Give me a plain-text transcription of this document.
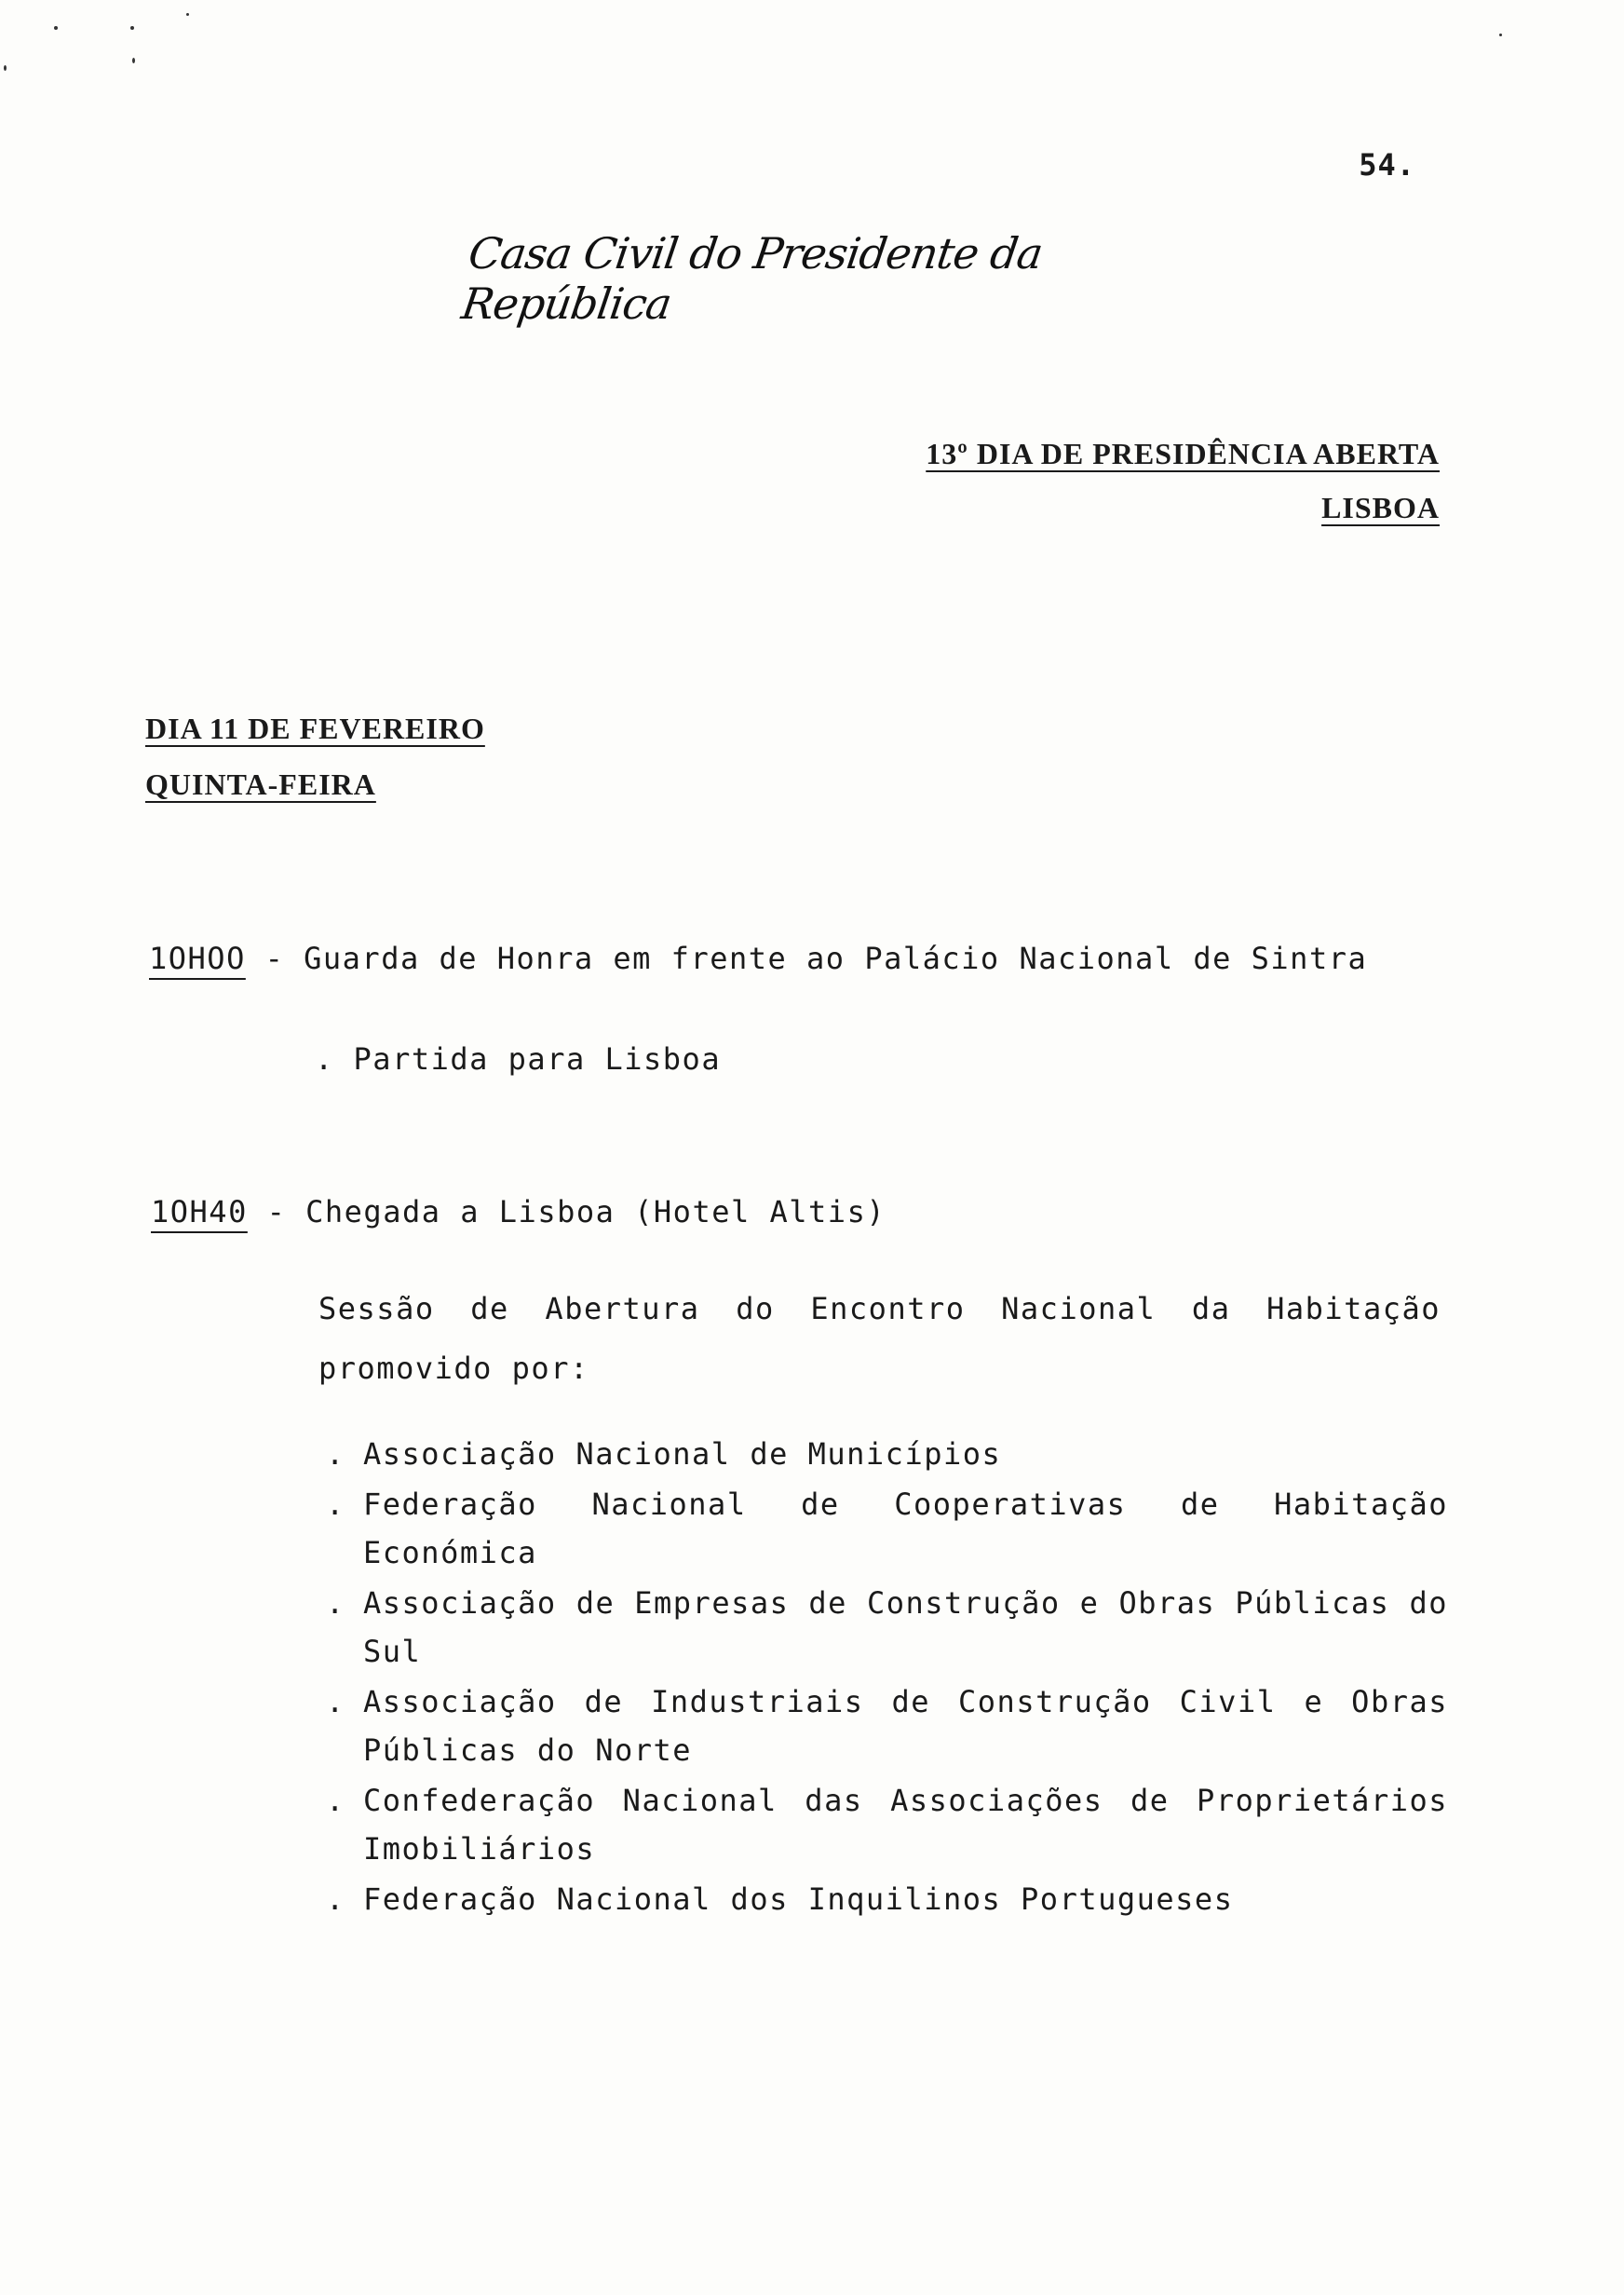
54.
Casa Civil do Presidente da República
13º DIA DE PRESIDÊNCIA ABERTA
LISBOA
DIA 11 DE FEVEREIRO
QUINTA-FEIRA
1OHOO - Guarda de Honra em frente ao Palácio Nacional de Sintra
. Partida para Lisboa
1OH40 - Chegada a Lisboa (Hotel Altis)
Sessão de Abertura do Encontro Nacional da Habitação
promovido por:
. Associação Nacional de Municípios
. Federação Nacional de Cooperativas de Habitação Económica
. Associação de Empresas de Construção e Obras Públicas do Sul
. Associação de Industriais de Construção Civil e Obras Públicas do Norte
. Confederação Nacional das Associações de Proprietários Imobiliários
. Federação Nacional dos Inquilinos Portugueses
